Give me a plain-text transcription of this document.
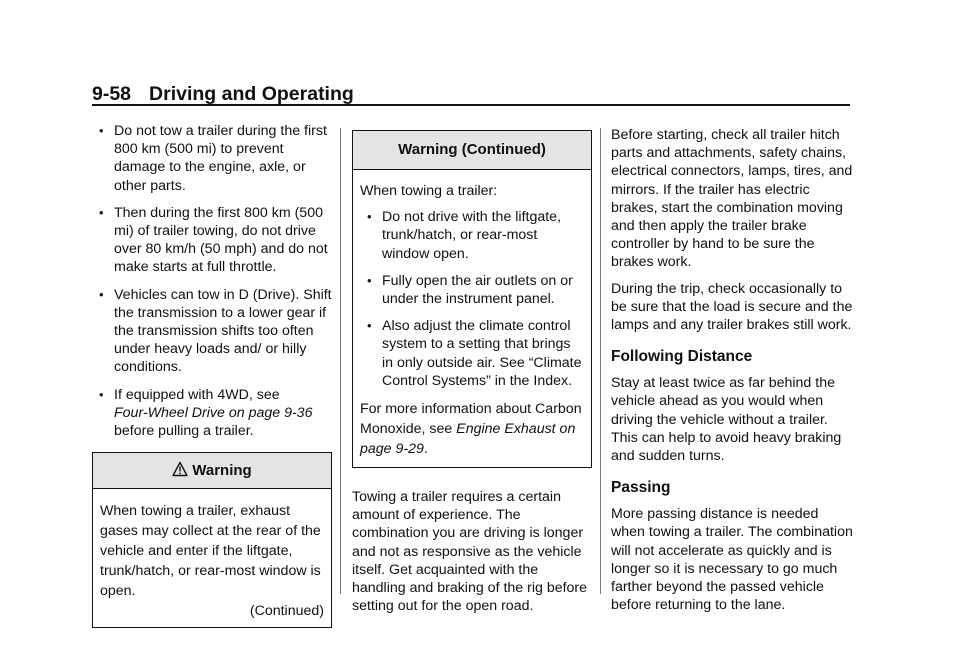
9-58 Driving and Operating
• Do not tow a trailer during the first 800 km (500 mi) to prevent damage to the engine, axle, or other parts.
• Then during the first 800 km (500 mi) of trailer towing, do not drive over 80 km/h (50 mph) and do not make starts at full throttle.
• Vehicles can tow in D (Drive). Shift the transmission to a lower gear if the transmission shifts too often under heavy loads and/ or hilly conditions.
• If equipped with 4WD, see
Four-Wheel Drive on page 9-36
before pulling a trailer.
Warning
When towing a trailer, exhaust gases may collect at the rear of the vehicle and enter if the liftgate, trunk/hatch, or rear-most window is open.
(Continued)
Warning (Continued)
When towing a trailer:
• Do not drive with the liftgate, trunk/hatch, or rear-most window open.
• Fully open the air outlets on or under the instrument panel.
• Also adjust the climate control system to a setting that brings in only outside air. See “Climate Control Systems” in the Index.
For more information about Carbon Monoxide, see Engine Exhaust on page 9-29.
Towing a trailer requires a certain amount of experience. The combination you are driving is longer and not as responsive as the vehicle itself. Get acquainted with the handling and braking of the rig before setting out for the open road.
Before starting, check all trailer hitch parts and attachments, safety chains, electrical connectors, lamps, tires, and mirrors. If the trailer has electric brakes, start the combination moving and then apply the trailer brake controller by hand to be sure the brakes work.
During the trip, check occasionally to be sure that the load is secure and the lamps and any trailer brakes still work.
Following Distance
Stay at least twice as far behind the vehicle ahead as you would when driving the vehicle without a trailer. This can help to avoid heavy braking and sudden turns.
Passing
More passing distance is needed when towing a trailer. The combination will not accelerate as quickly and is longer so it is necessary to go much farther beyond the passed vehicle before returning to the lane.
